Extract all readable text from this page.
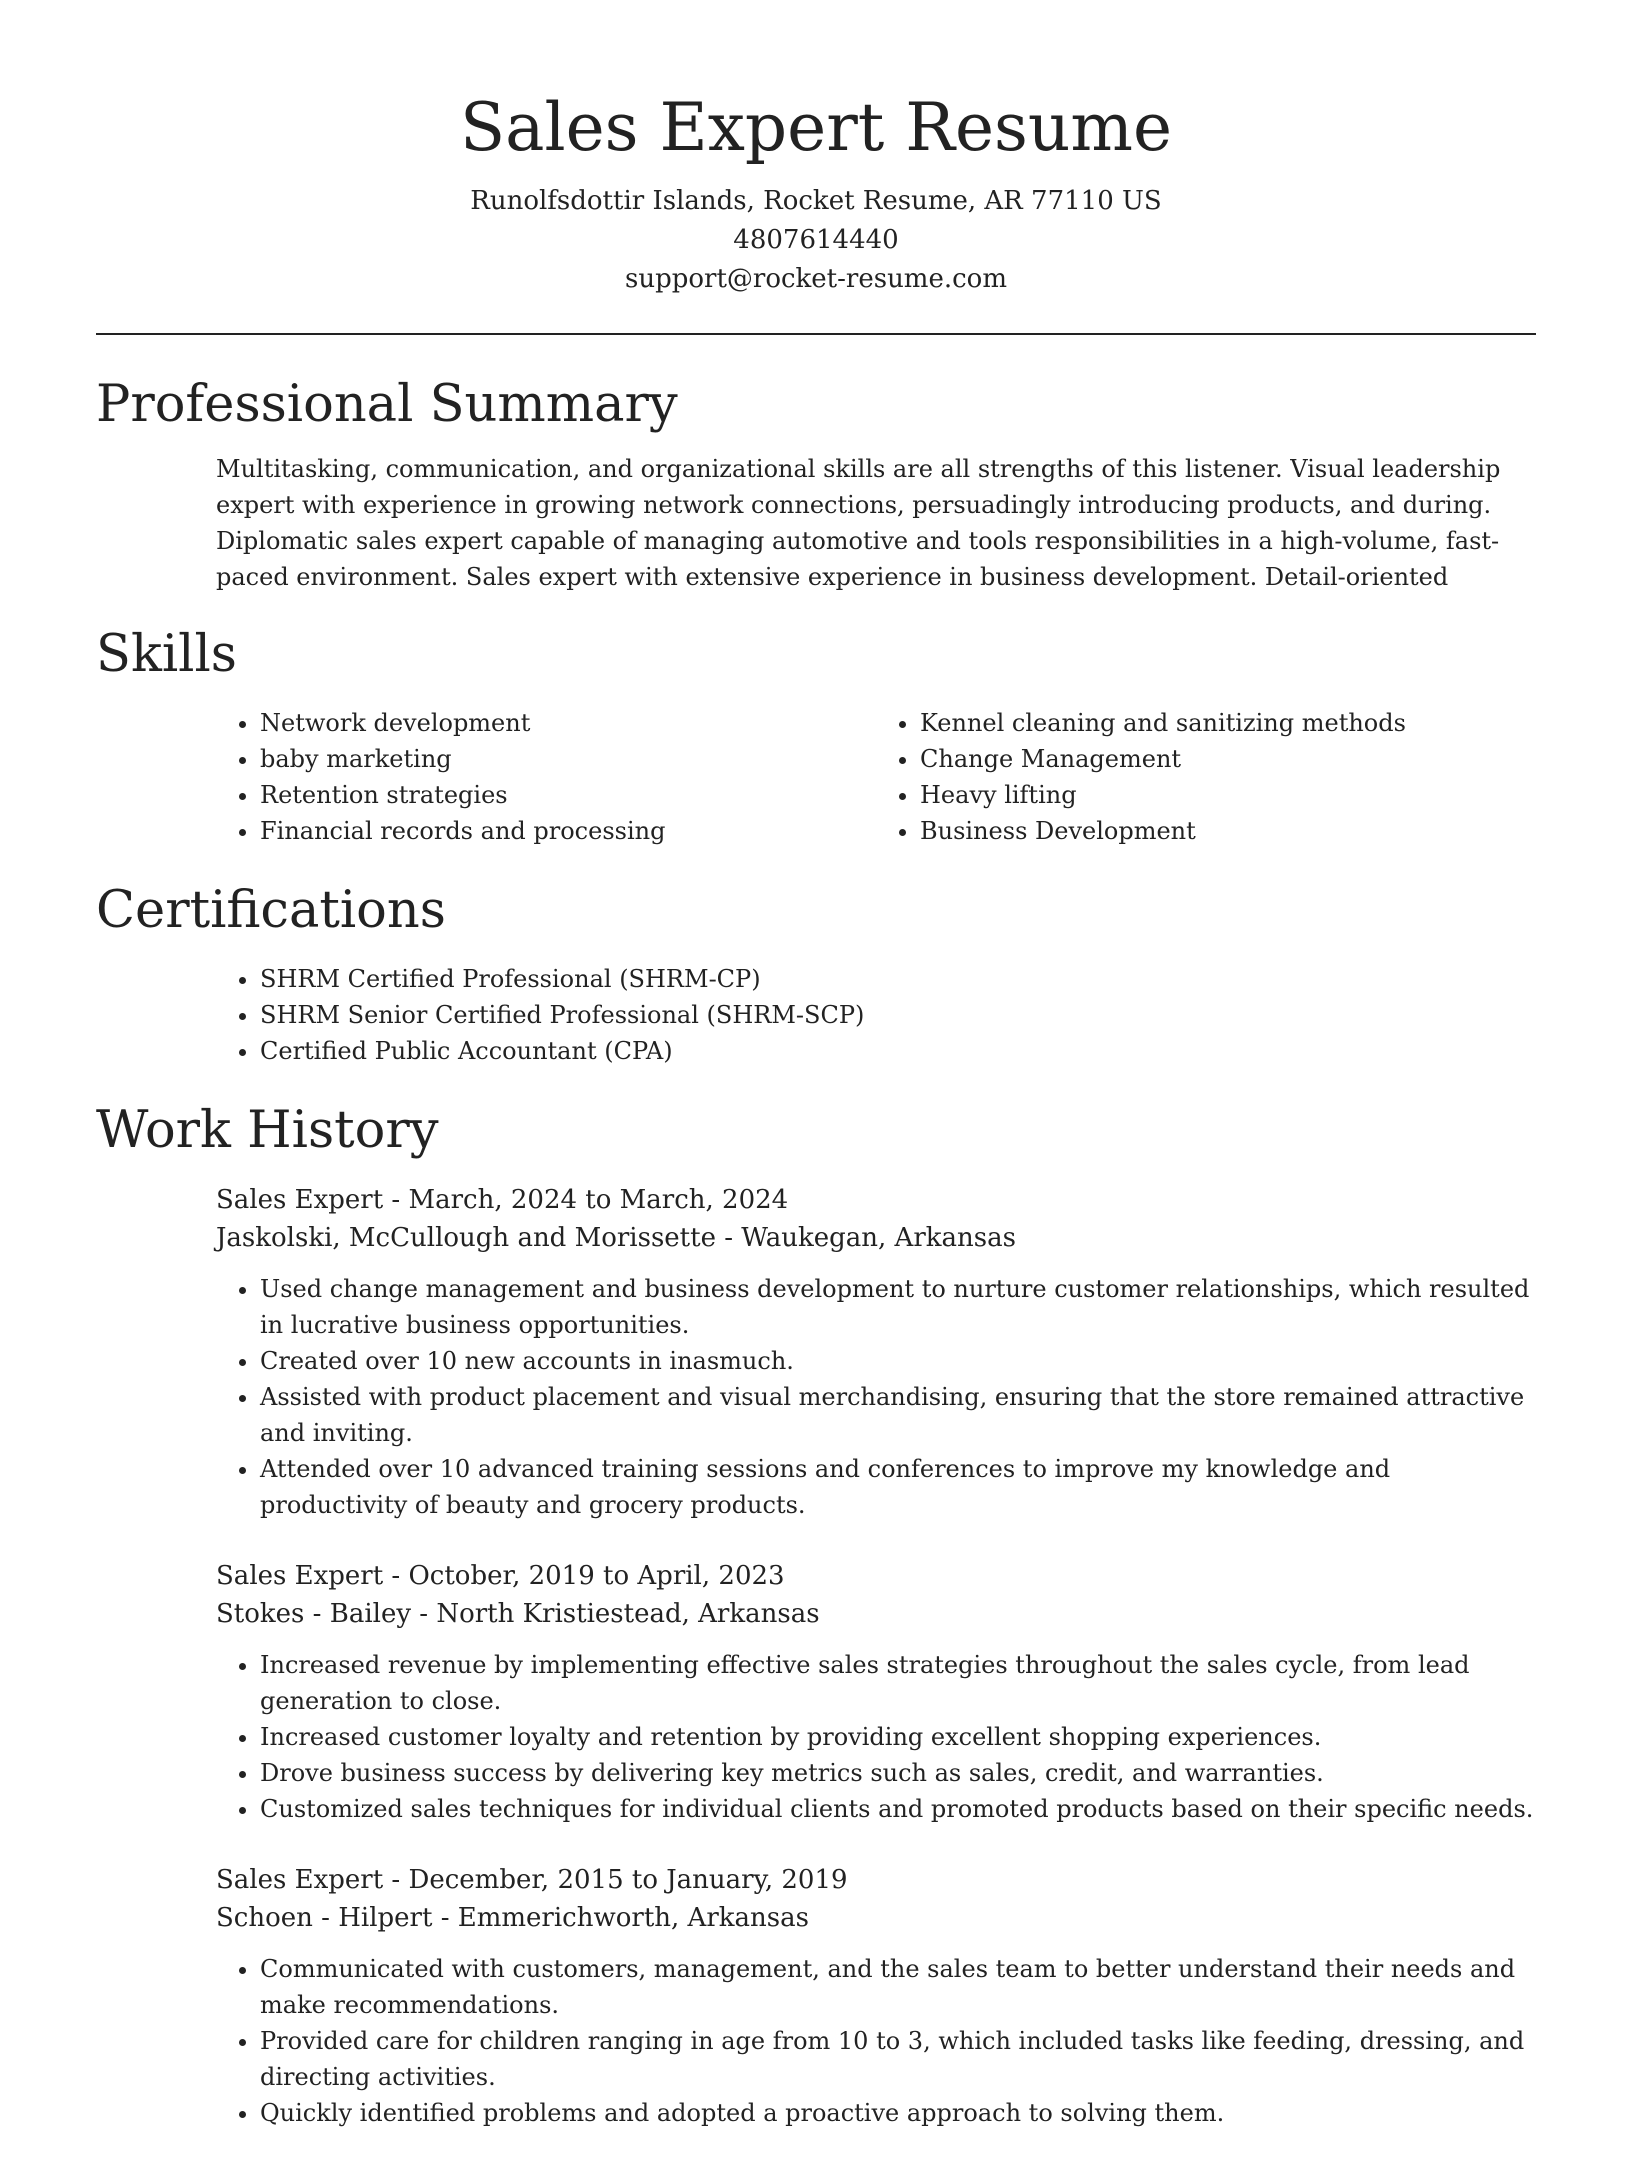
Sales Expert Resume

Runolfsdottir Islands, Rocket Resume, AR 77110 US

4807614440

support@rocket-resume.com

Professional Summary

Multitasking, communication, and organizational skills are all strengths of this listener. Visual leadership expert with experience in growing network connections, persuadingly introducing products, and during. Diplomatic sales expert capable of managing automotive and tools responsibilities in a high-volume, fast-paced environment. Sales expert with extensive experience in business development. Detail-oriented

Skills
• Network development
• baby marketing
• Retention strategies
• Financial records and processing
• Kennel cleaning and sanitizing methods
• Change Management
• Heavy lifting
• Business Development
Certifications
• SHRM Certified Professional (SHRM-CP)
• SHRM Senior Certified Professional (SHRM-SCP)
• Certified Public Accountant (CPA)
Work History

Sales Expert - March, 2024 to March, 2024

Jaskolski, McCullough and Morissette - Waukegan, Arkansas

• Used change management and business development to nurture customer relationships, which resulted in lucrative business opportunities.
• Created over 10 new accounts in inasmuch.
• Assisted with product placement and visual merchandising, ensuring that the store remained attractive and inviting.
• Attended over 10 advanced training sessions and conferences to improve my knowledge and productivity of beauty and grocery products.

Sales Expert - October, 2019 to April, 2023

Stokes - Bailey - North Kristiestead, Arkansas

• Increased revenue by implementing effective sales strategies throughout the sales cycle, from lead generation to close.
• Increased customer loyalty and retention by providing excellent shopping experiences.
• Drove business success by delivering key metrics such as sales, credit, and warranties.
• Customized sales techniques for individual clients and promoted products based on their specific needs.

Sales Expert - December, 2015 to January, 2019

Schoen - Hilpert - Emmerichworth, Arkansas

• Communicated with customers, management, and the sales team to better understand their needs and make recommendations.
• Provided care for children ranging in age from 10 to 3, which included tasks like feeding, dressing, and directing activities.
• Quickly identified problems and adopted a proactive approach to solving them.
